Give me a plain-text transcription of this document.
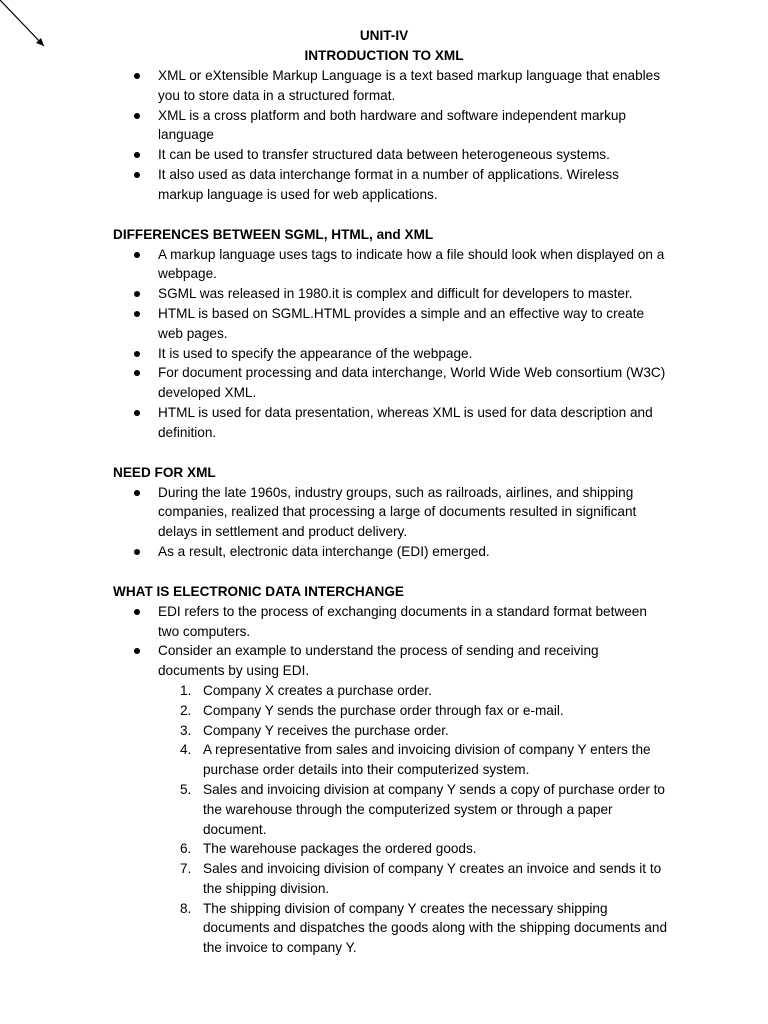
UNIT-IV
INTRODUCTION TO XML
XML or eXtensible Markup Language is a text based markup language that enables you to store data in a structured format.
XML is a cross platform and both hardware and software independent markup language
It can be used to transfer structured data between heterogeneous systems.
It also used as data interchange format in a number of applications. Wireless markup language is used for web applications.
DIFFERENCES BETWEEN SGML, HTML, and XML
A markup language uses tags to indicate how a file should look when displayed on a webpage.
SGML was released in 1980.it is complex and difficult for developers to master.
HTML is based on SGML.HTML provides a simple and an effective way to create web pages.
It is used to specify the appearance of the webpage.
For document processing and data interchange, World Wide Web consortium (W3C) developed XML.
HTML is used for data presentation, whereas XML is used for data description and definition.
NEED FOR XML
During the late 1960s, industry groups, such as railroads, airlines, and shipping companies, realized that processing a large of documents resulted in significant delays in settlement and product delivery.
As a result, electronic data interchange (EDI) emerged.
WHAT IS ELECTRONIC DATA INTERCHANGE
EDI refers to the process of exchanging documents in a standard format between two computers.
Consider an example to understand the process of sending and receiving documents by using EDI.
1. Company X creates a purchase order.
2. Company Y sends the purchase order through fax or e-mail.
3. Company Y receives the purchase order.
4. A representative from sales and invoicing division of company Y enters the purchase order details into their computerized system.
5. Sales and invoicing division at company Y sends a copy of purchase order to the warehouse through the computerized system or through a paper document.
6. The warehouse packages the ordered goods.
7. Sales and invoicing division of company Y creates an invoice and sends it to the shipping division.
8. The shipping division of company Y creates the necessary shipping documents and dispatches the goods along with the shipping documents and the invoice to company Y.
